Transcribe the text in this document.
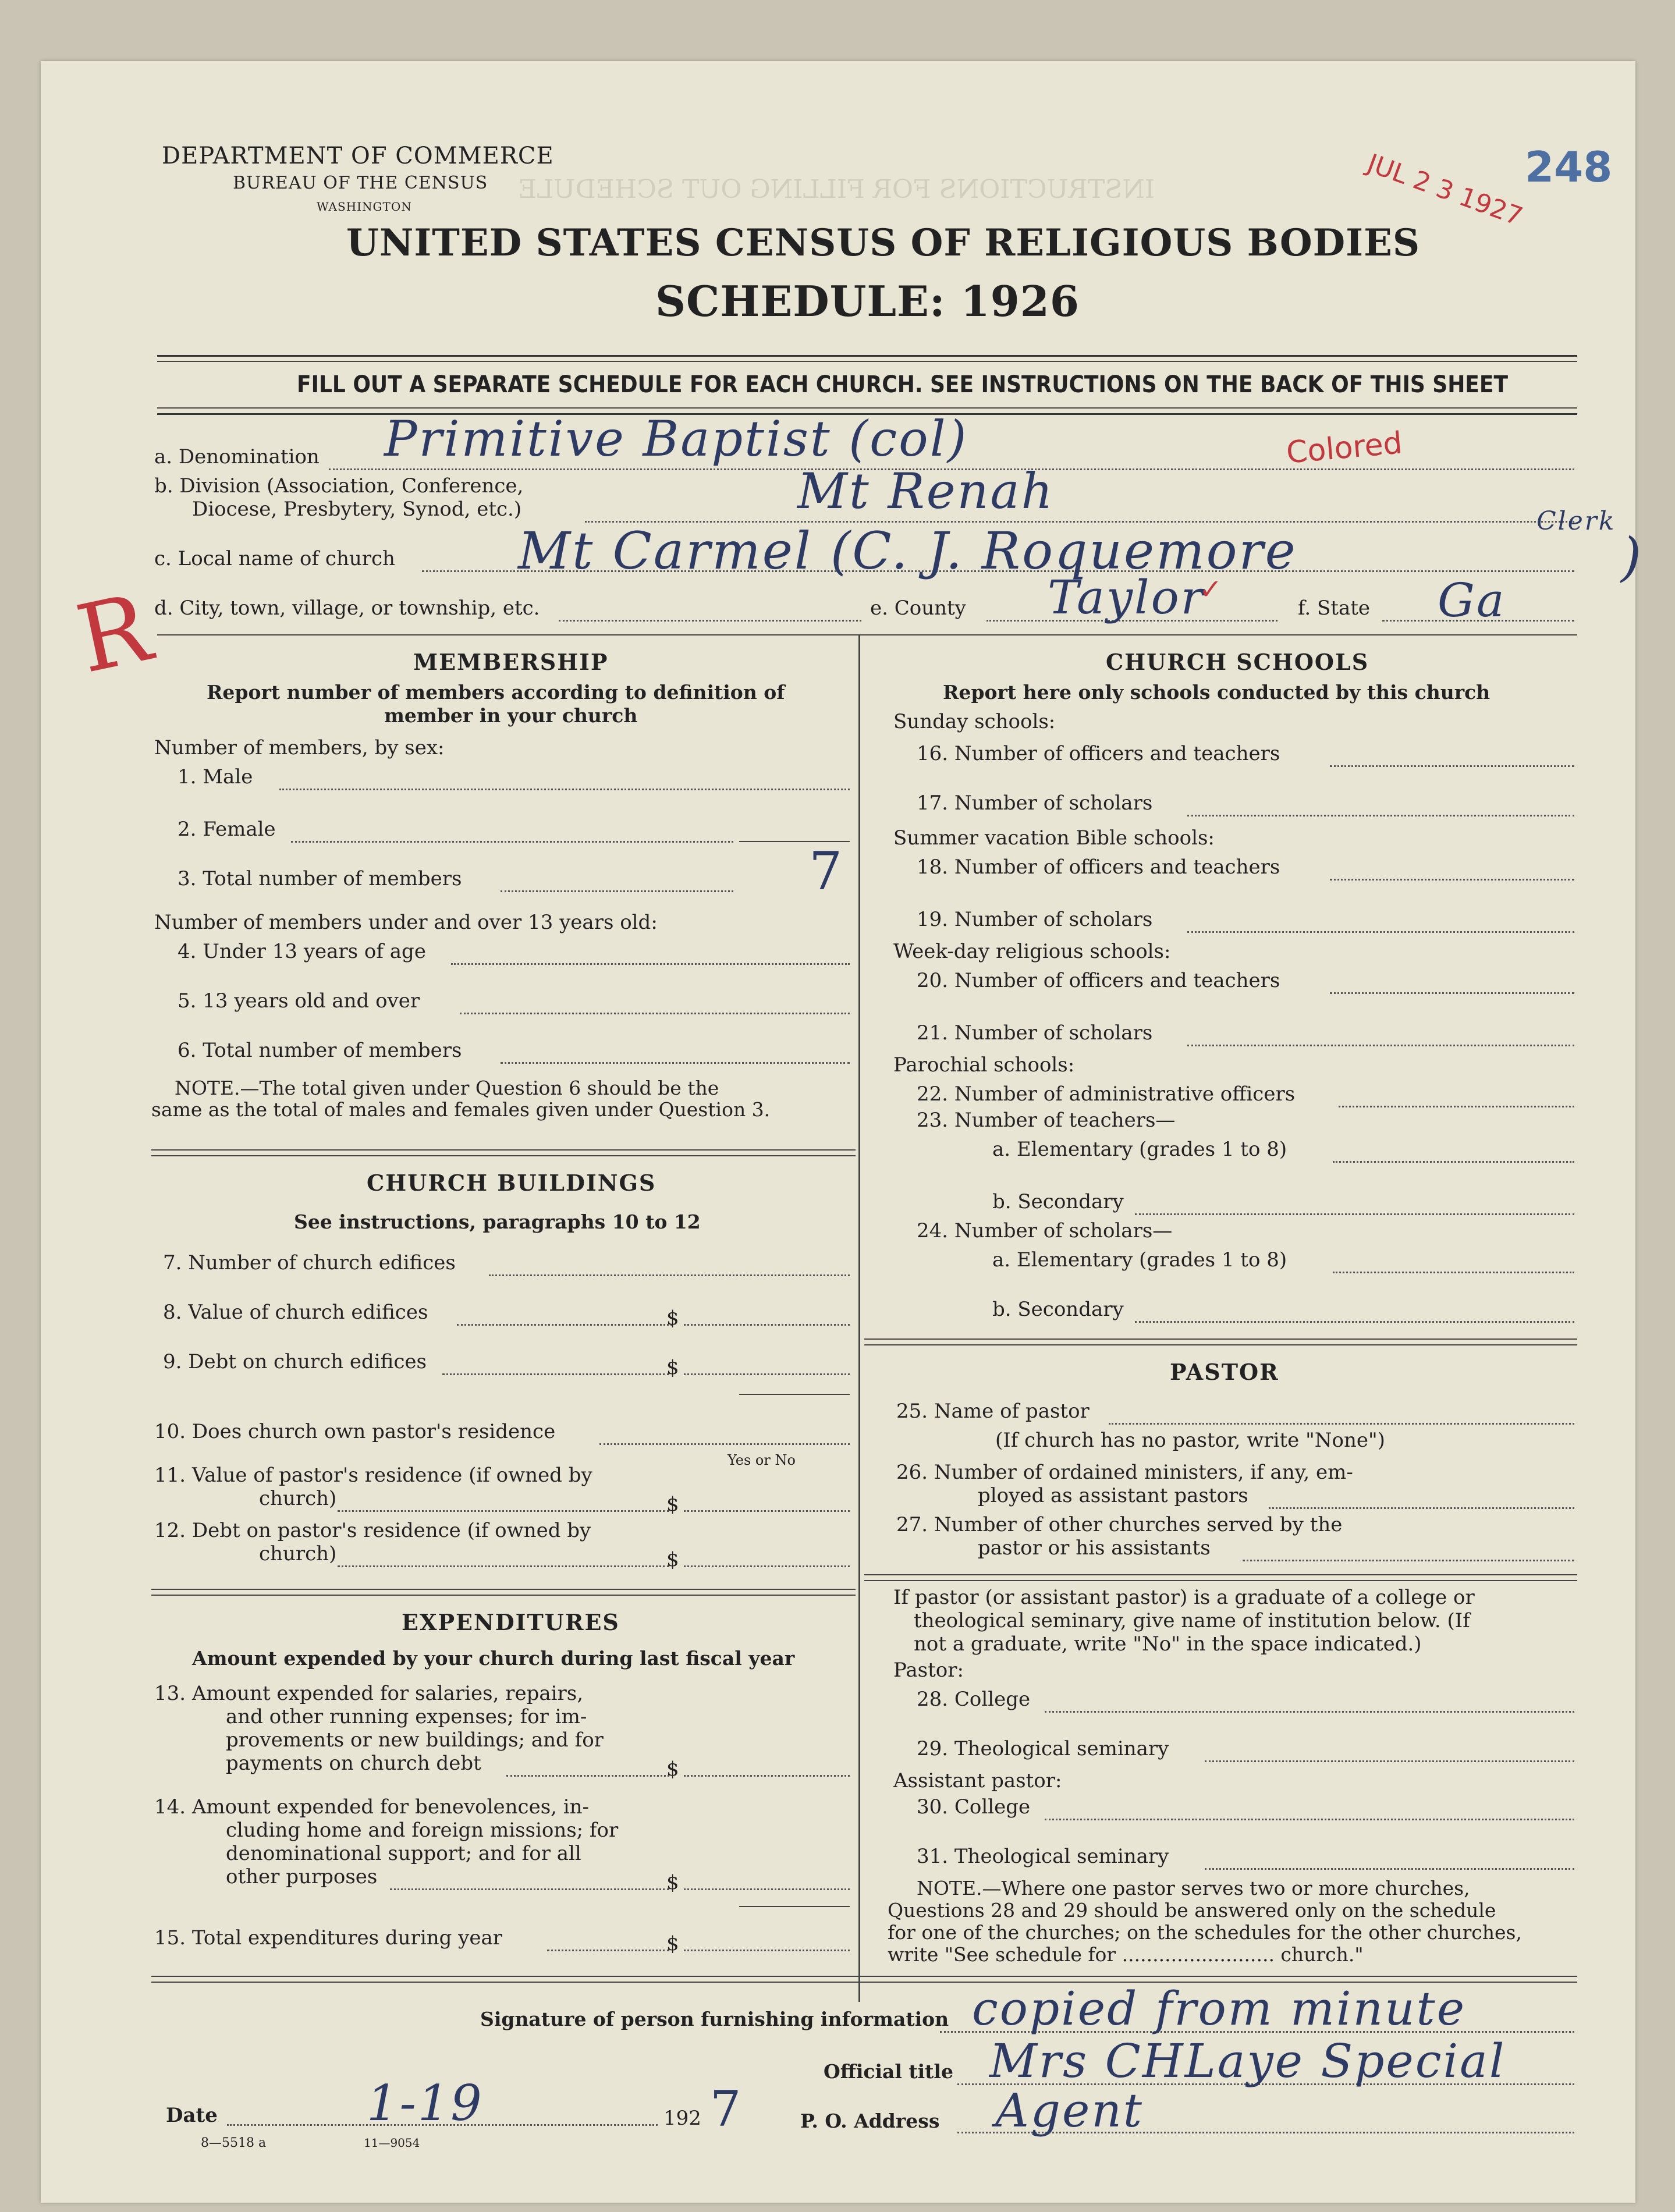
INSTRUCTIONS FOR FILLING OUT SCHEDULE
DEPARTMENT OF COMMERCE
BUREAU OF THE CENSUS
WASHINGTON
UNITED STATES CENSUS OF RELIGIOUS BODIES
SCHEDULE: 1926
JUL 2 3 1927
248
FILL OUT A SEPARATE SCHEDULE FOR EACH CHURCH. SEE INSTRUCTIONS ON THE BACK OF THIS SHEET
a. Denomination Primitive Baptist (col)	Colored
b. Division (Association, Conference,
Diocese, Presbytery, Synod, etc.)	Mt Renah
c. Local name of church Mt Carmel (C. J. Roquemore	Clerk
)
d. City, town, village, or township, etc.	e. County Taylor
✓
f. State Ga
R	MEMBERSHIP
Report number of members according to definition of
member in your church
Number of members, by sex:
1. Male
2. Female
3. Total number of members	7
Number of members under and over 13 years old:
4. Under 13 years of age
5. 13 years old and over
6. Total number of members
NOTE.—The total given under Question 6 should be the
same as the total of males and females given under Question 3.
CHURCH BUILDINGS
See instructions, paragraphs 10 to 12
7. Number of church edifices
8. Value of church edifices	$
9. Debt on church edifices	$
10. Does church own pastor's residence
Yes or No
11. Value of pastor's residence (if owned by
church)	$
12. Debt on pastor's residence (if owned by
church)	$
EXPENDITURES
Amount expended by your church during last fiscal year
13. Amount expended for salaries, repairs,
and other running expenses; for im-
provements or new buildings; and for
payments on church debt	$
14. Amount expended for benevolences, in-
cluding home and foreign missions; for
denominational support; and for all
other purposes	$
15. Total expenditures during year	$
CHURCH SCHOOLS
Report here only schools conducted by this church
Sunday schools:
16. Number of officers and teachers
17. Number of scholars
Summer vacation Bible schools:
18. Number of officers and teachers
19. Number of scholars
Week-day religious schools:
20. Number of officers and teachers
21. Number of scholars
Parochial schools:
22. Number of administrative officers
23. Number of teachers—
a. Elementary (grades 1 to 8)
b. Secondary
24. Number of scholars—
a. Elementary (grades 1 to 8)
b. Secondary
PASTOR
25. Name of pastor
(If church has no pastor, write "None")
26. Number of ordained ministers, if any, em-
ployed as assistant pastors
27. Number of other churches served by the
pastor or his assistants
If pastor (or assistant pastor) is a graduate of a college or
theological seminary, give name of institution below. (If
not a graduate, write "No" in the space indicated.)
Pastor:
28. College
29. Theological seminary
Assistant pastor:
30. College
31. Theological seminary
NOTE.—Where one pastor serves two or more churches,
Questions 28 and 29 should be answered only on the schedule
for one of the churches; on the schedules for the other churches,
write "See schedule for ......................... church."
Signature of person furnishing information copied from minute
Official title Mrs CHLaye Special
Date	1-19	192 7
8—5518 a	11—9054
P. O. Address Agent
